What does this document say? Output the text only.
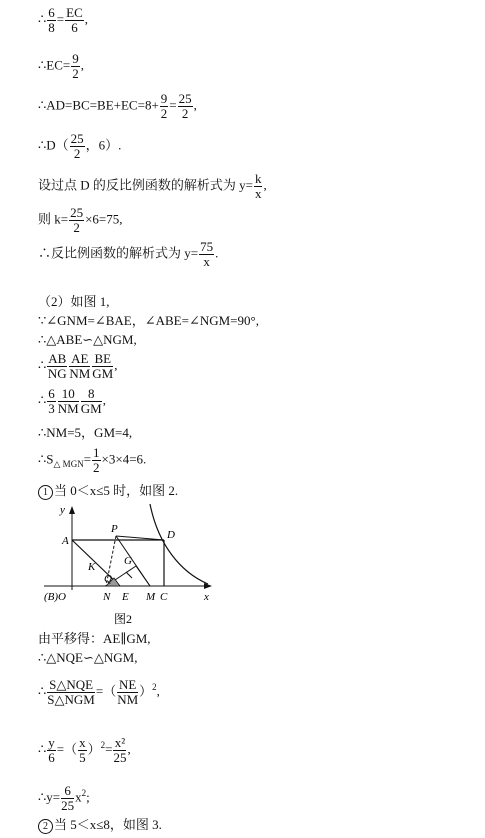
∴ $\frac{6}{8} = \frac{EC}{6}$ ,
∴EC= $\frac{9}{2}$ ,
∴AD=BC=BE+EC=8+ $\frac{9}{2} = \frac{25}{2}$ ,
∴D（ $\frac{25}{2}$ ，6）.
设过点 D 的反比例函数的解析式为 $y= \frac{k}{x}$ ,
则 $k= \frac{25}{2} \times 6=75$,
∴反比例函数的解析式为 $y= \frac{75}{x}$ .
（2）如图 1,
∵∠GNM=∠BAE，∠ABE=∠NGM=90°,
∴△ABE∽△NGM,
∴ $\frac{AB}{NG} \frac{AE}{NM} \frac{BE}{GM}$ ,
∴ $\frac{6}{3} \frac{10}{NM} \frac{8}{GM}$ ,
∴NM=5，GM=4,
$\therefore S_{\triangle MGN}= \frac{1}{2} \times 3\times 4=6$.
1 当 0＜x≤5 时，如图 2.
y
x
A	D
P
G
K
Q
(B)O	N E M C
图2
由平移得：AE∥GM,
∴△NQE∽△NGM,
∴ $\frac{\text{S△NQE}}{\text{S△NGM}}$ =（ $\frac{NE}{NM} )^2$,
∴ $\frac{y}{6}$ =（ $\frac{x}{5} )^2= \frac{\text{x²}}{25}$ ,
∴y= $\frac{6}{25} x^2$;
2 当 5＜x≤8，如图 3.
